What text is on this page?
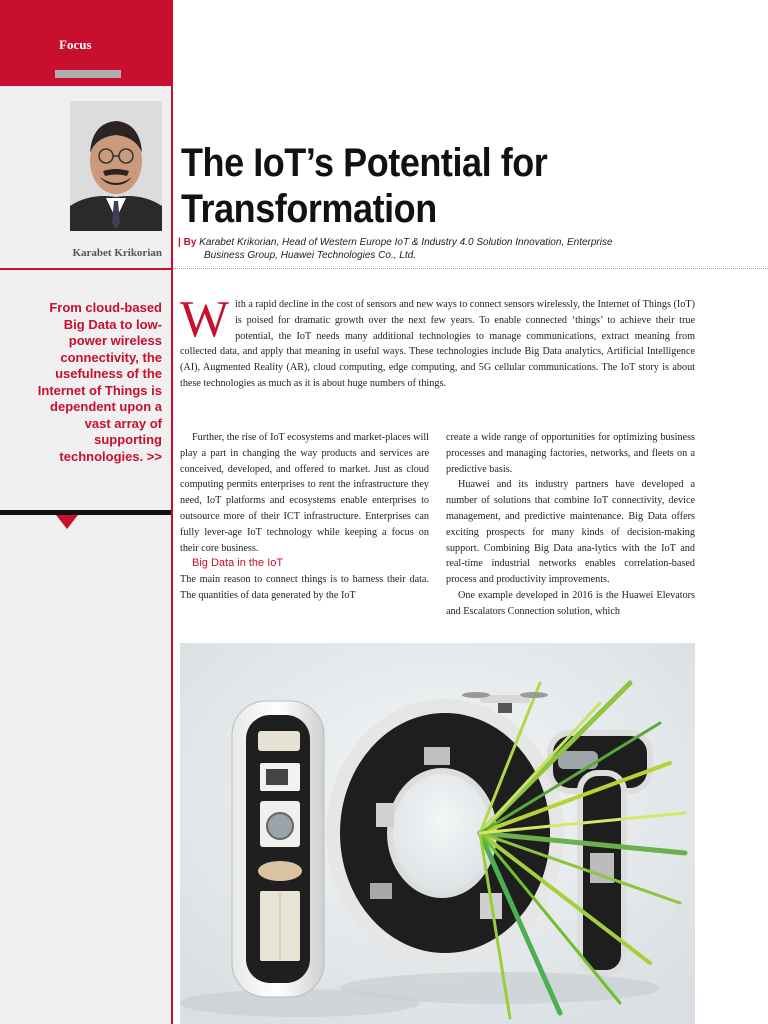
Focus
Karabet Krikorian
From cloud-based Big Data to low-power wireless connectivity, the usefulness of the Internet of Things is dependent upon a vast array of supporting technologies. >>
The IoT’s Potential for
Transformation
| By Karabet Krikorian, Head of Western Europe IoT & Industry 4.0 Solution Innovation, Enterprise
Business Group, Huawei Technologies Co., Ltd.
W ith a rapid decline in the cost of sensors and new ways to connect sensors wirelessly, the Internet of Things (IoT) is poised for dramatic growth over the next few years. To enable connected ‘things’ to achieve their true potential, the IoT needs many additional technologies to manage communications, extract meaning from collected data, and apply that meaning in useful ways. These technologies include Big Data analytics, Artificial Intelligence (AI), Augmented Reality (AR), cloud computing, edge computing, and 5G cellular communications. The IoT story is about these technologies as much as it is about huge numbers of things.

Further, the rise of IoT ecosystems and market-places will play a part in changing the way products and services are conceived, developed, and offered to market. Just as cloud computing permits enterprises to rent the infrastructure they need, IoT platforms and ecosystems enable enterprises to outsource more of their ICT infrastructure. Enterprises can fully lever-age IoT technology while keeping a focus on their core business.

Big Data in the IoT

The main reason to connect things is to harness their data. The quantities of data generated by the IoT

create a wide range of opportunities for optimizing business processes and managing factories, networks, and fleets on a predictive basis.

Huawei and its industry partners have developed a number of solutions that combine IoT connectivity, device management, and predictive maintenance. Big Data offers exciting prospects for many kinds of decision-making support. Combining Big Data ana-lytics with the IoT and real-time industrial networks enables correlation-based process and productivity improvements.

One example developed in 2016 is the Huawei Elevators and Escalators Connection solution, which
